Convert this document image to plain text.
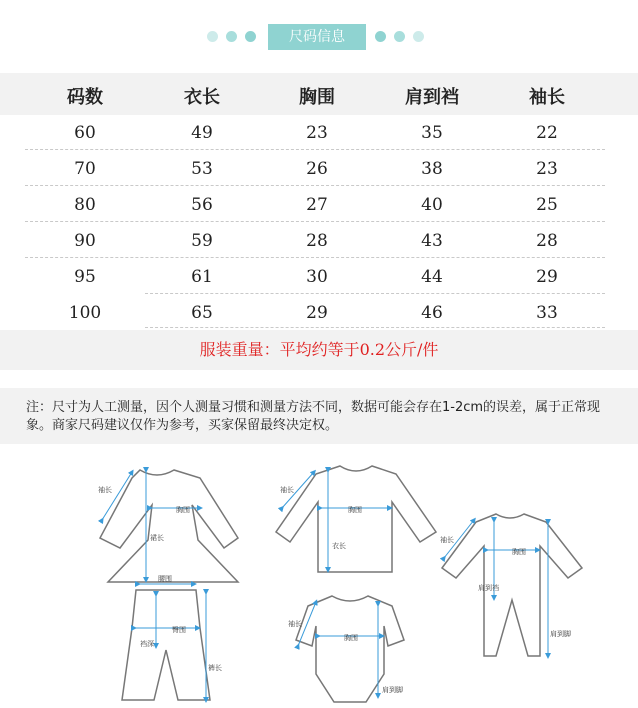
尺码信息
码数	衣长	胸围	肩到裆	袖长
60	49	23	35	22
70	53	26	38	23
80	56	27	40	25
90	59	28	43	28
95	61	30	44	29
100	65	29	46	33
服装重量：平均约等于0.2公斤/件
注：尺寸为人工测量，因个人测量习惯和测量方法不同，数据可能会存在1-2cm的误差，属于正常现象。商家尺码建议仅作为参考，买家保留最终决定权。
袖长
胸围
裙长
袖长
胸围
衣长
袖长
胸围
肩到裆
肩到脚
腰围
臀围
裆深
裤长
袖长
胸围
肩到脚
